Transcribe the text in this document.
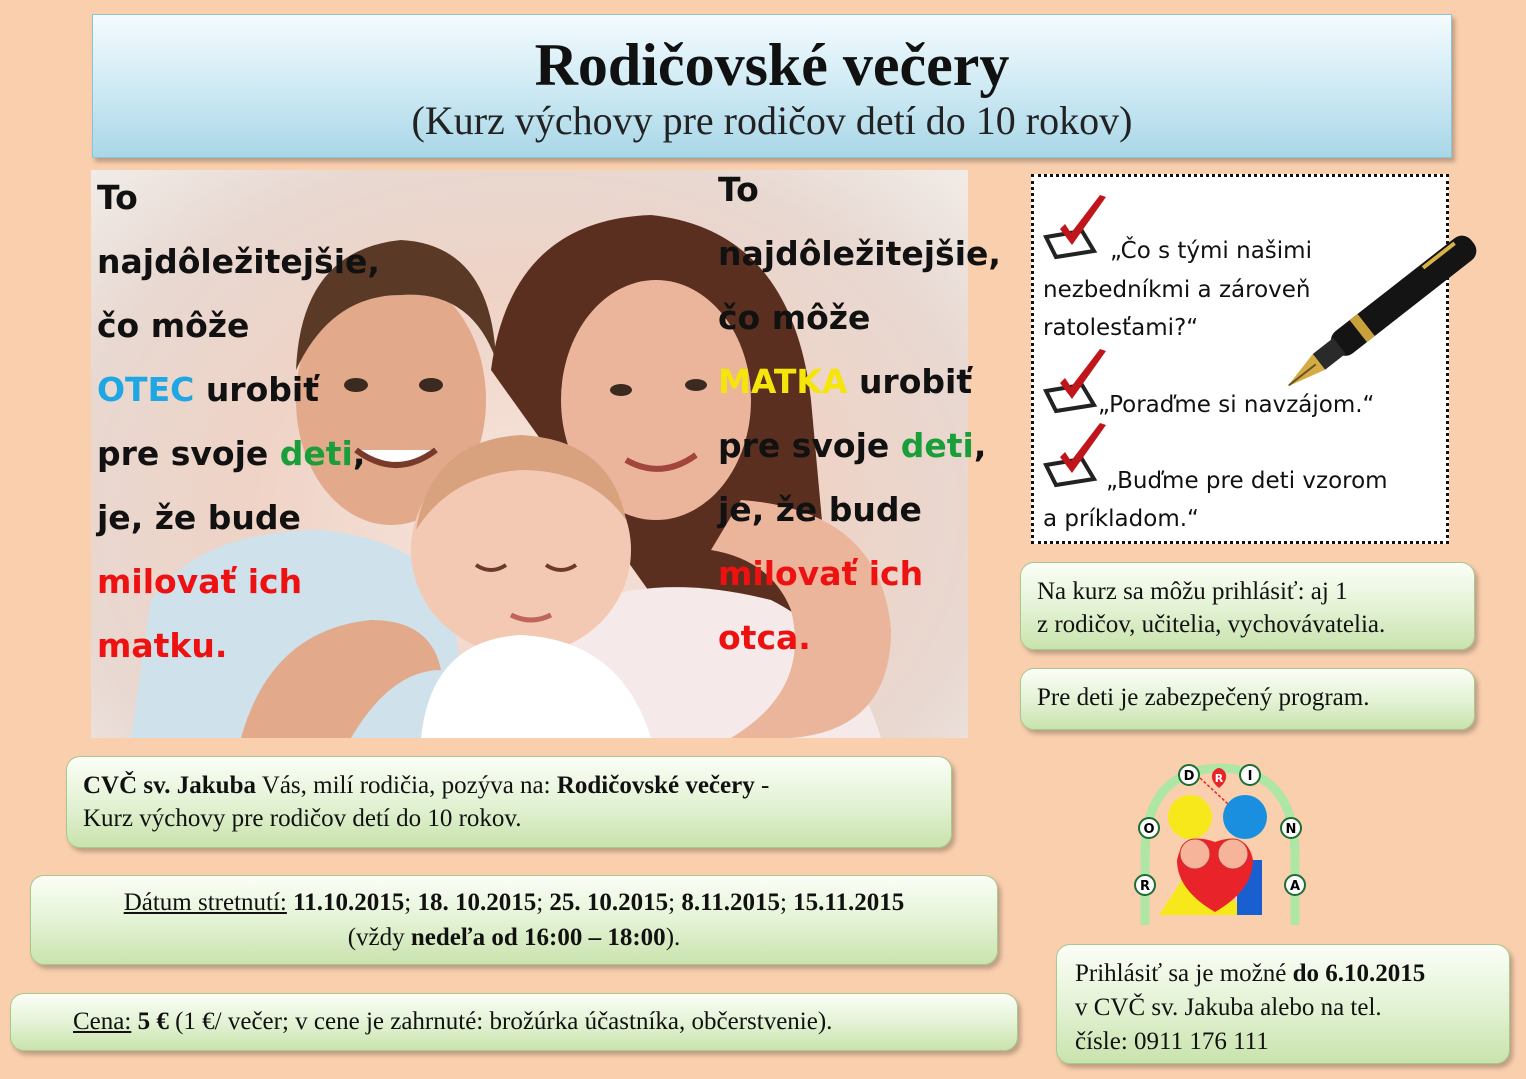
Rodičovské večery
(Kurz výchovy pre rodičov detí do 10 rokov)
To
najdôležitejšie,
čo môže
OTEC urobiť
pre svoje deti,
je, že bude
milovať ich
matku.
To
najdôležitejšie,
čo môže
MATKA urobiť
pre svoje deti,
je, že bude
milovať ich
otca.
„Čo s tými našimi
nezbedníkmi a zároveň
ratolesťami?“
„Poraďme si navzájom.“
„Buďme pre deti vzorom
a príkladom.“
Na kurz sa môžu prihlásiť: aj 1
z rodičov, učitelia, vychovávatelia.
Pre deti je zabezpečený program.
D	I
O	N
R	A
R
CVČ sv. Jakuba Vás, milí rodičia, pozýva na: Rodičovské večery -
Kurz výchovy pre rodičov detí do 10 rokov.
Dátum stretnutí: 11.10.2015; 18. 10.2015; 25. 10.2015; 8.11.2015; 15.11.2015
(vždy nedeľa od 16:00 – 18:00).
Cena: 5 € (1 €/ večer; v cene je zahrnuté: brožúrka účastníka, občerstvenie).
Prihlásiť sa je možné do 6.10.2015
v CVČ sv. Jakuba alebo na tel.
čísle: 0911 176 111
